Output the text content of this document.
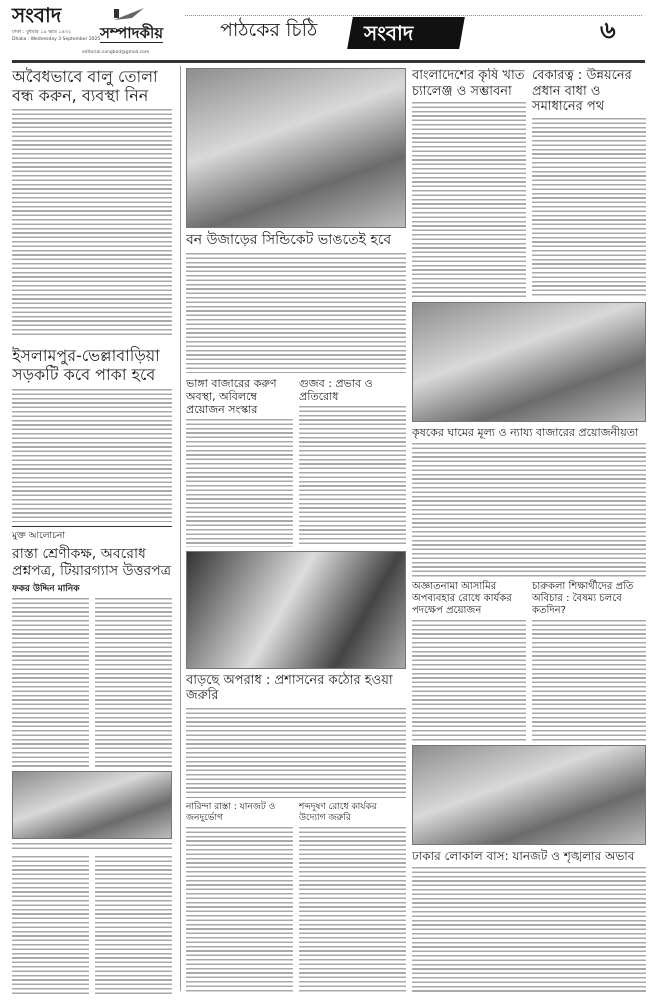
সংবাদ
ঢাকা : বুধবার ১৯ ভাদ্র ১৪৩২
Dhaka : Wednesday 3 September 2025 সম্পাদকীয়
editorial.sangbad@gmail.com
পাঠকের চিঠি সংবাদ	৬
অবৈধভাবে বালু তোলা বন্ধ করুন, ব্যবস্থা নিন
ইসলামপুর-ভেল্লাবাড়িয়া সড়কটি কবে পাকা হবে
মুক্ত আলোচনা
রাস্তা শ্রেণীকক্ষ, অবরোধ প্রশ্নপত্র, টিয়ারগ্যাস উত্তরপত্র
ফকর উদ্দিন মানিক
বন উজাড়ের সিন্ডিকেট ভাঙতেই হবে
ভাঙ্গা বাজারের করুণ অবস্থা, অবিলম্বে প্রয়োজন সংস্কার
গুজব : প্রভাব ও প্রতিরোধ
বাড়ছে অপরাধ : প্রশাসনের কঠোর হওয়া জরুরি
নারিন্দা রাস্তা : যানজট ও জনদুর্ভোগ
শব্দদূষণ রোধে কার্যকর উদ্যোগ জরুরি
বাংলাদেশের কৃষি খাত চ্যালেঞ্জ ও সম্ভাবনা
বেকারত্ব : উন্নয়নের প্রধান বাধা ও সমাধানের পথ
কৃষকের ঘামের মূল্য ও ন্যায্য বাজারের প্রয়োজনীয়তা
অজ্ঞাতনামা আসামির অপব্যবহার রোধে কার্যকর পদক্ষেপ প্রয়োজন
চারুকলা শিক্ষার্থীদের প্রতি অবিচার : বৈষম্য চলবে কতদিন?
ঢাকার লোকাল বাস: যানজট ও শৃঙ্খলার অভাব
